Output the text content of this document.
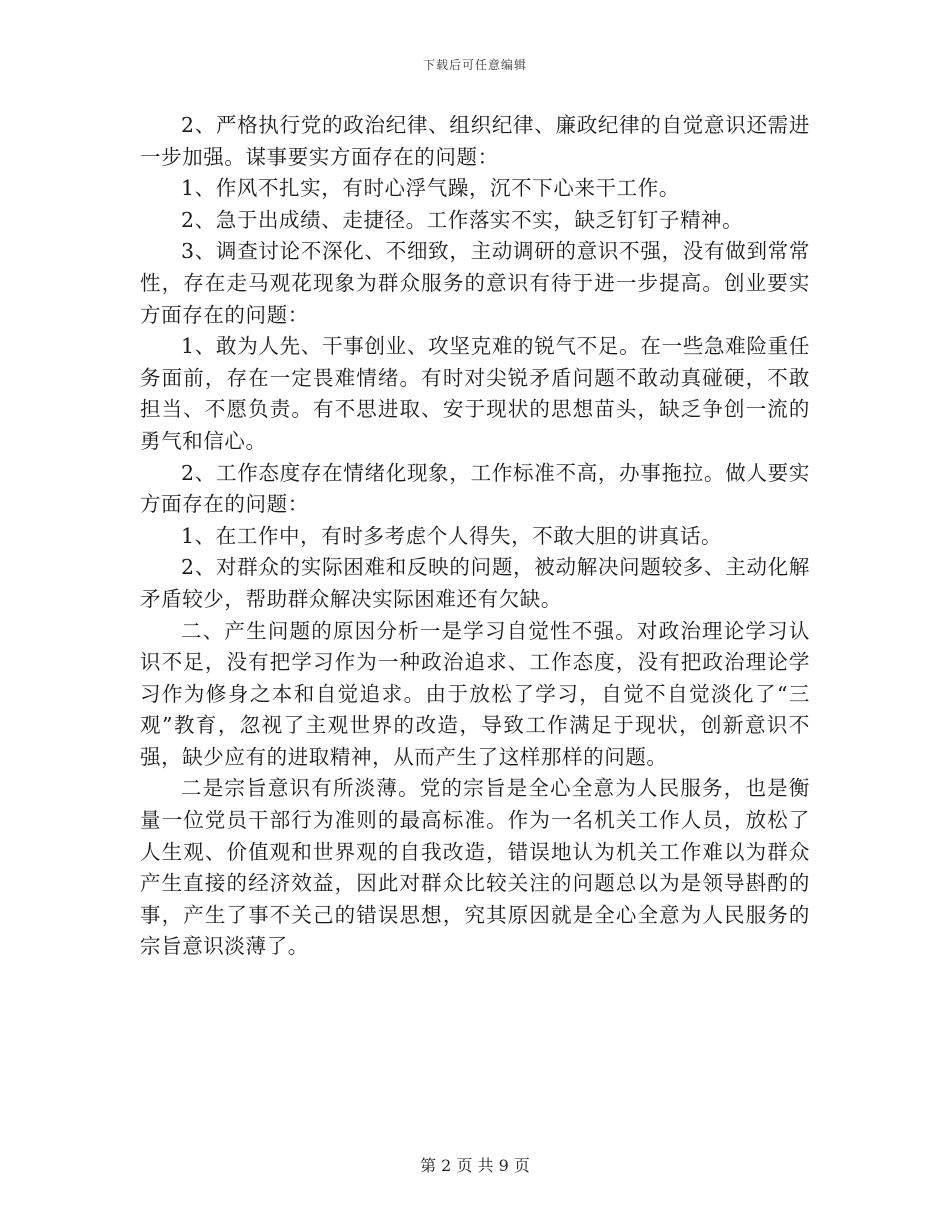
下载后可任意编辑

2、严格执行党的政治纪律、组织纪律、廉政纪律的自觉意识还需进一步加强。谋事要实方面存在的问题：

1、作风不扎实，有时心浮气躁，沉不下心来干工作。

2、急于出成绩、走捷径。工作落实不实，缺乏钉钉子精神。

3、调查讨论不深化、不细致，主动调研的意识不强，没有做到常常性，存在走马观花现象为群众服务的意识有待于进一步提高。创业要实方面存在的问题：

1、敢为人先、干事创业、攻坚克难的锐气不足。在一些急难险重任务面前，存在一定畏难情绪。有时对尖锐矛盾问题不敢动真碰硬，不敢担当、不愿负责。有不思进取、安于现状的思想苗头，缺乏争创一流的勇气和信心。

2、工作态度存在情绪化现象，工作标准不高，办事拖拉。做人要实方面存在的问题：

1、在工作中，有时多考虑个人得失，不敢大胆的讲真话。

2、对群众的实际困难和反映的问题，被动解决问题较多、主动化解矛盾较少，帮助群众解决实际困难还有欠缺。

二、产生问题的原因分析一是学习自觉性不强。对政治理论学习认识不足，没有把学习作为一种政治追求、工作态度，没有把政治理论学习作为修身之本和自觉追求。由于放松了学习，自觉不自觉淡化了“三观”教育，忽视了主观世界的改造，导致工作满足于现状，创新意识不强，缺少应有的进取精神，从而产生了这样那样的问题。

二是宗旨意识有所淡薄。党的宗旨是全心全意为人民服务，也是衡量一位党员干部行为准则的最高标准。作为一名机关工作人员，放松了人生观、价值观和世界观的自我改造，错误地认为机关工作难以为群众产生直接的经济效益，因此对群众比较关注的问题总以为是领导斟酌的事，产生了事不关己的错误思想，究其原因就是全心全意为人民服务的宗旨意识淡薄了。

第 2 页 共 9 页
